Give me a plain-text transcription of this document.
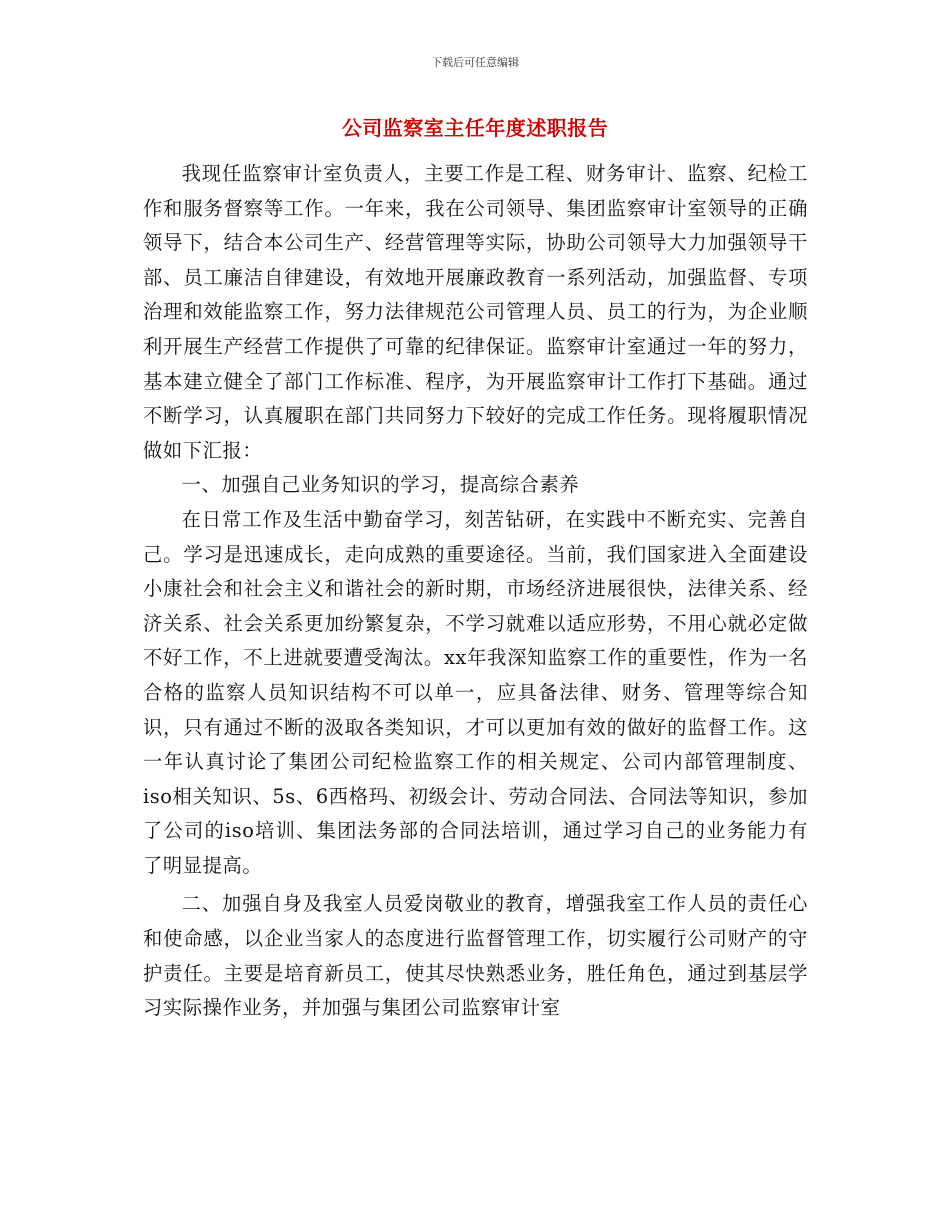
下载后可任意编辑
公司监察室主任年度述职报告

我现任监察审计室负责人，主要工作是工程、财务审计、监察、纪检工作和服务督察等工作。一年来，我在公司领导、集团监察审计室领导的正确领导下，结合本公司生产、经营管理等实际，协助公司领导大力加强领导干部、员工廉洁自律建设，有效地开展廉政教育一系列活动，加强监督、专项治理和效能监察工作，努力法律规范公司管理人员、员工的行为，为企业顺利开展生产经营工作提供了可靠的纪律保证。监察审计室通过一年的努力，基本建立健全了部门工作标准、程序，为开展监察审计工作打下基础。通过不断学习，认真履职在部门共同努力下较好的完成工作任务。现将履职情况做如下汇报：

一、加强自己业务知识的学习，提高综合素养

在日常工作及生活中勤奋学习，刻苦钻研，在实践中不断充实、完善自己。学习是迅速成长，走向成熟的重要途径。当前，我们国家进入全面建设小康社会和社会主义和谐社会的新时期，市场经济进展很快，法律关系、经济关系、社会关系更加纷繁复杂，不学习就难以适应形势，不用心就必定做不好工作，不上进就要遭受淘汰。xx年我深知监察工作的重要性，作为一名合格的监察人员知识结构不可以单一，应具备法律、财务、管理等综合知识，只有通过不断的汲取各类知识，才可以更加有效的做好的监督工作。这一年认真讨论了集团公司纪检监察工作的相关规定、公司内部管理制度、iso相关知识、5s、6西格玛、初级会计、劳动合同法、合同法等知识，参加了公司的iso培训、集团法务部的合同法培训，通过学习自己的业务能力有了明显提高。

二、加强自身及我室人员爱岗敬业的教育，增强我室工作人员的责任心和使命感，以企业当家人的态度进行监督管理工作，切实履行公司财产的守护责任。主要是培育新员工，使其尽快熟悉业务，胜任角色，通过到基层学习实际操作业务，并加强与集团公司监察审计室
